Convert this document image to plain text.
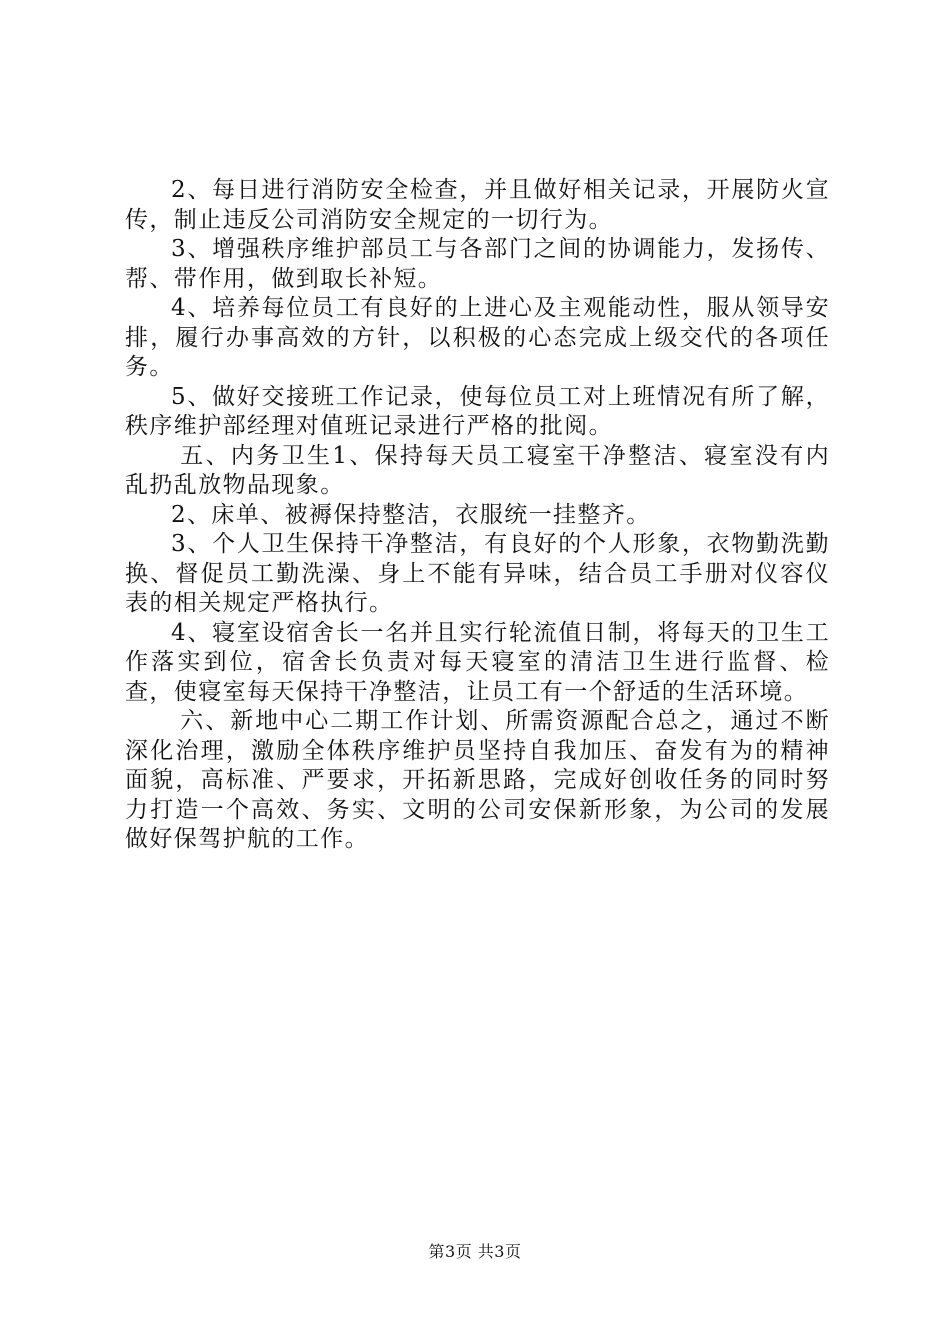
2、每日进行消防安全检查，并且做好相关记录，开展防火宣传，制止违反公司消防安全规定的一切行为。

3、增强秩序维护部员工与各部门之间的协调能力，发扬传、帮、带作用，做到取长补短。

4、培养每位员工有良好的上进心及主观能动性，服从领导安排，履行办事高效的方针，以积极的心态完成上级交代的各项任务。

5、做好交接班工作记录，使每位员工对上班情况有所了解，秩序维护部经理对值班记录进行严格的批阅。

五、内务卫生1、保持每天员工寝室干净整洁、寝室没有内乱扔乱放物品现象。

2、床单、被褥保持整洁，衣服统一挂整齐。

3、个人卫生保持干净整洁，有良好的个人形象，衣物勤洗勤换、督促员工勤洗澡、身上不能有异味，结合员工手册对仪容仪表的相关规定严格执行。

4、寝室设宿舍长一名并且实行轮流值日制，将每天的卫生工作落实到位，宿舍长负责对每天寝室的清洁卫生进行监督、检查，使寝室每天保持干净整洁，让员工有一个舒适的生活环境。

六、新地中心二期工作计划、所需资源配合总之，通过不断深化治理，激励全体秩序维护员坚持自我加压、奋发有为的精神面貌，高标准、严要求，开拓新思路，完成好创收任务的同时努力打造一个高效、务实、文明的公司安保新形象，为公司的发展做好保驾护航的工作。

第3页 共3页
